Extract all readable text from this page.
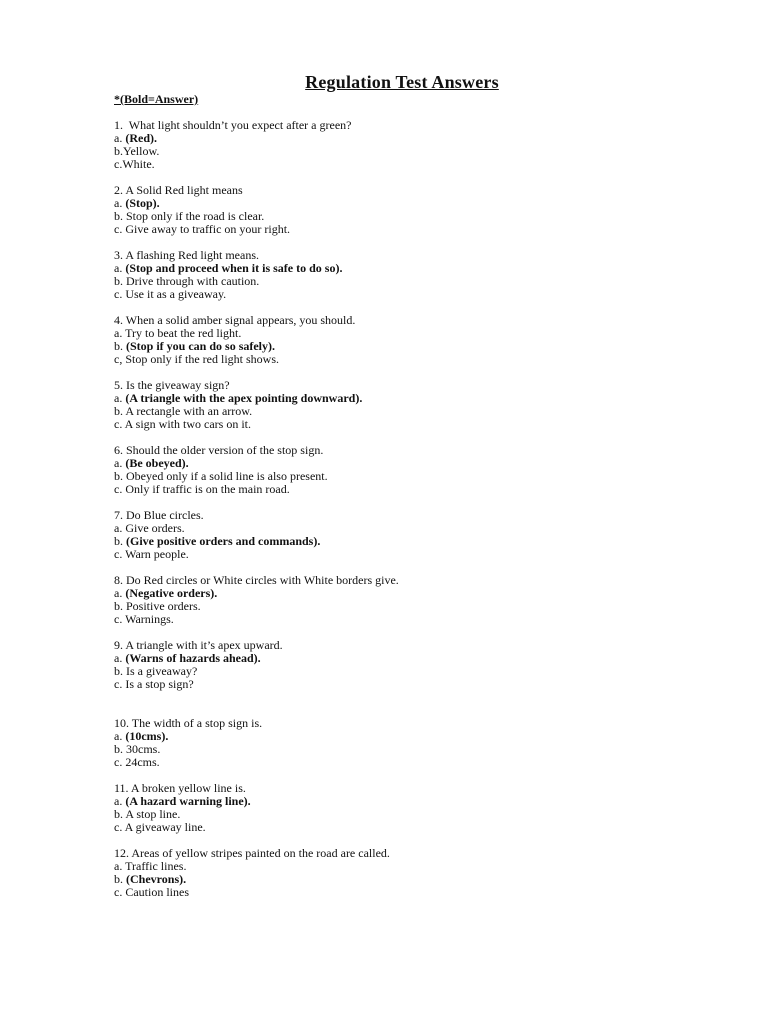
Regulation Test Answers
*(Bold=Answer)
1.  What light shouldn’t you expect after a green?
a. (Red).
b.Yellow.
c.White.
2. A Solid Red light means
a. (Stop).
b. Stop only if the road is clear.
c. Give away to traffic on your right.
3. A flashing Red light means.
a. (Stop and proceed when it is safe to do so).
b. Drive through with caution.
c. Use it as a giveaway.
4. When a solid amber signal appears, you should.
a. Try to beat the red light.
b. (Stop if you can do so safely).
c, Stop only if the red light shows.
5. Is the giveaway sign?
a. (A triangle with the apex pointing downward).
b. A rectangle with an arrow.
c. A sign with two cars on it.
6. Should the older version of the stop sign.
a. (Be obeyed).
b. Obeyed only if a solid line is also present.
c. Only if traffic is on the main road.
7. Do Blue circles.
a. Give orders.
b. (Give positive orders and commands).
c. Warn people.
8. Do Red circles or White circles with White borders give.
a. (Negative orders).
b. Positive orders.
c. Warnings.
9. A triangle with it’s apex upward.
a. (Warns of hazards ahead).
b. Is a giveaway?
c. Is a stop sign?
10. The width of a stop sign is.
a. (10cms).
b. 30cms.
c. 24cms.
11. A broken yellow line is.
a. (A hazard warning line).
b. A stop line.
c. A giveaway line.
12. Areas of yellow stripes painted on the road are called.
a. Traffic lines.
b. (Chevrons).
c. Caution lines
